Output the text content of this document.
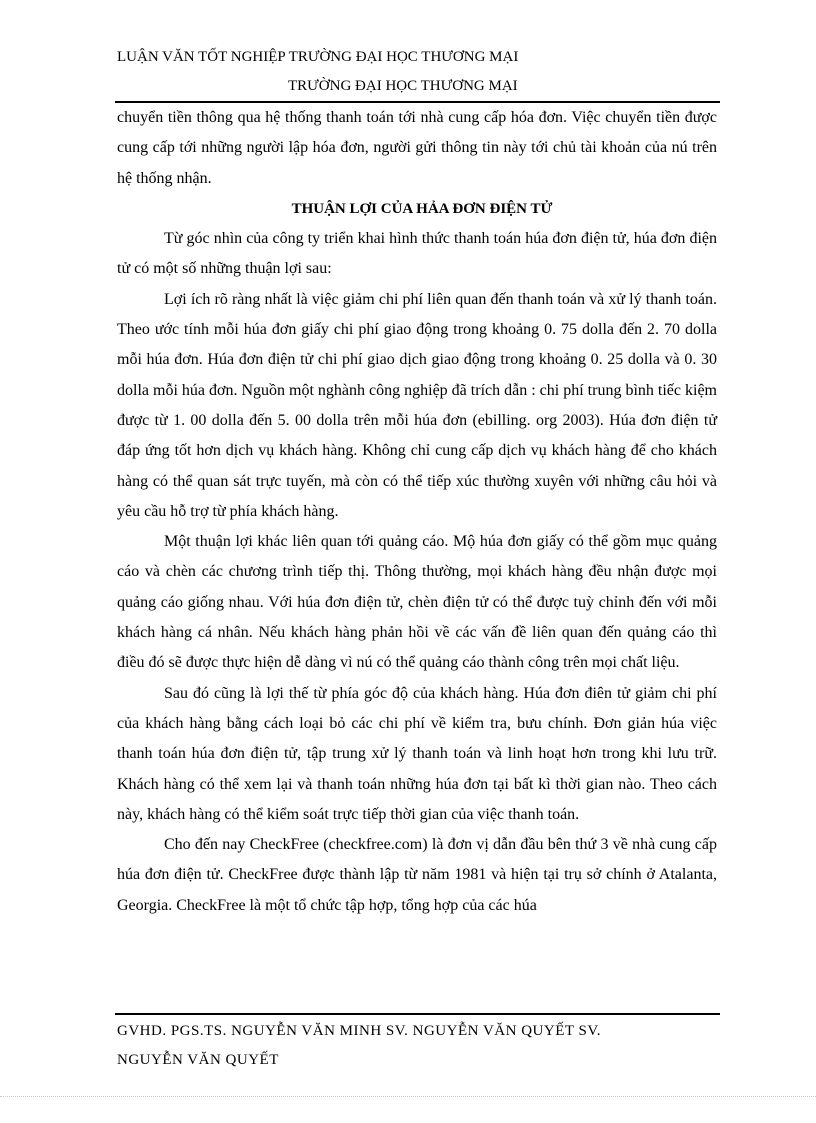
LUẬN VĂN TỐT NGHIỆP TRƯỜNG ĐẠI HỌC THƯƠNG MẠI
TRƯỜNG ĐẠI HỌC THƯƠNG MẠI

chuyển tiền thông qua hệ thống thanh toán tới nhà cung cấp hóa đơn. Việc chuyển tiền được cung cấp tới những người lập hóa đơn, người gửi thông tin này tới chủ tài khoản của nú trên hệ thống nhận.

THUẬN LỢI CỦA HẢA ĐƠN ĐIỆN TỬ

Từ góc nhìn của công ty triển khai hình thức thanh toán húa đơn điện tử, húa đơn điện tử có một số những thuận lợi sau:

Lợi ích rõ ràng nhất là việc giảm chi phí liên quan đến thanh toán và xử lý thanh toán. Theo ước tính mỗi húa đơn giấy chi phí giao động trong khoảng 0. 75 dolla đến 2. 70 dolla mỗi húa đơn. Húa đơn điện tử chi phí giao dịch giao động trong khoảng 0. 25 dolla và 0. 30 dolla mỗi húa đơn. Nguồn một nghành công nghiệp đã trích dẫn : chi phí trung bình tiếc kiệm được từ 1. 00 dolla đến 5. 00 dolla trên mỗi húa đơn (ebilling. org 2003). Húa đơn điện tử đáp ứng tốt hơn dịch vụ khách hàng. Không chỉ cung cấp dịch vụ khách hàng để cho khách hàng có thể quan sát trực tuyến, mà còn có thể tiếp xúc thường xuyên với những câu hỏi và yêu cầu hỗ trợ từ phía khách hàng.

Một thuận lợi khác liên quan tới quảng cáo. Mộ húa đơn giấy có thể gồm mục quảng cáo và chèn các chương trình tiếp thị. Thông thường, mọi khách hàng đều nhận được mọi quảng cáo giống nhau. Với húa đơn điện tử, chèn điện tử có thể được tuỳ chỉnh đến với mỗi khách hàng cá nhân. Nếu khách hàng phản hồi về các vấn đề liên quan đến quảng cáo thì điều đó sẽ được thực hiện dễ dàng vì nú có thể quảng cáo thành công trên mọi chất liệu.

Sau đó cũng là lợi thế từ phía góc độ của khách hàng. Húa đơn điên tử giảm chi phí của khách hàng bằng cách loại bỏ các chi phí về kiểm tra, bưu chính. Đơn giản húa việc thanh toán húa đơn điện tử, tập trung xử lý thanh toán và linh hoạt hơn trong khi lưu trữ. Khách hàng có thể xem lại và thanh toán những húa đơn tại bất kì thời gian nào. Theo cách này, khách hàng có thể kiểm soát trực tiếp thời gian của việc thanh toán.

Cho đến nay CheckFree (checkfree.com) là đơn vị dẫn đầu bên thứ 3 về nhà cung cấp húa đơn điện tử. CheckFree được thành lập từ năm 1981 và hiện tại trụ sở chính ở Atalanta, Georgia. CheckFree là một tổ chức tập hợp, tổng hợp của các húa

GVHD. PGS.TS. NGUYỄN VĂN MINH SV. NGUYỄN VĂN QUYẾT SV.
NGUYỄN VĂN QUYẾT
